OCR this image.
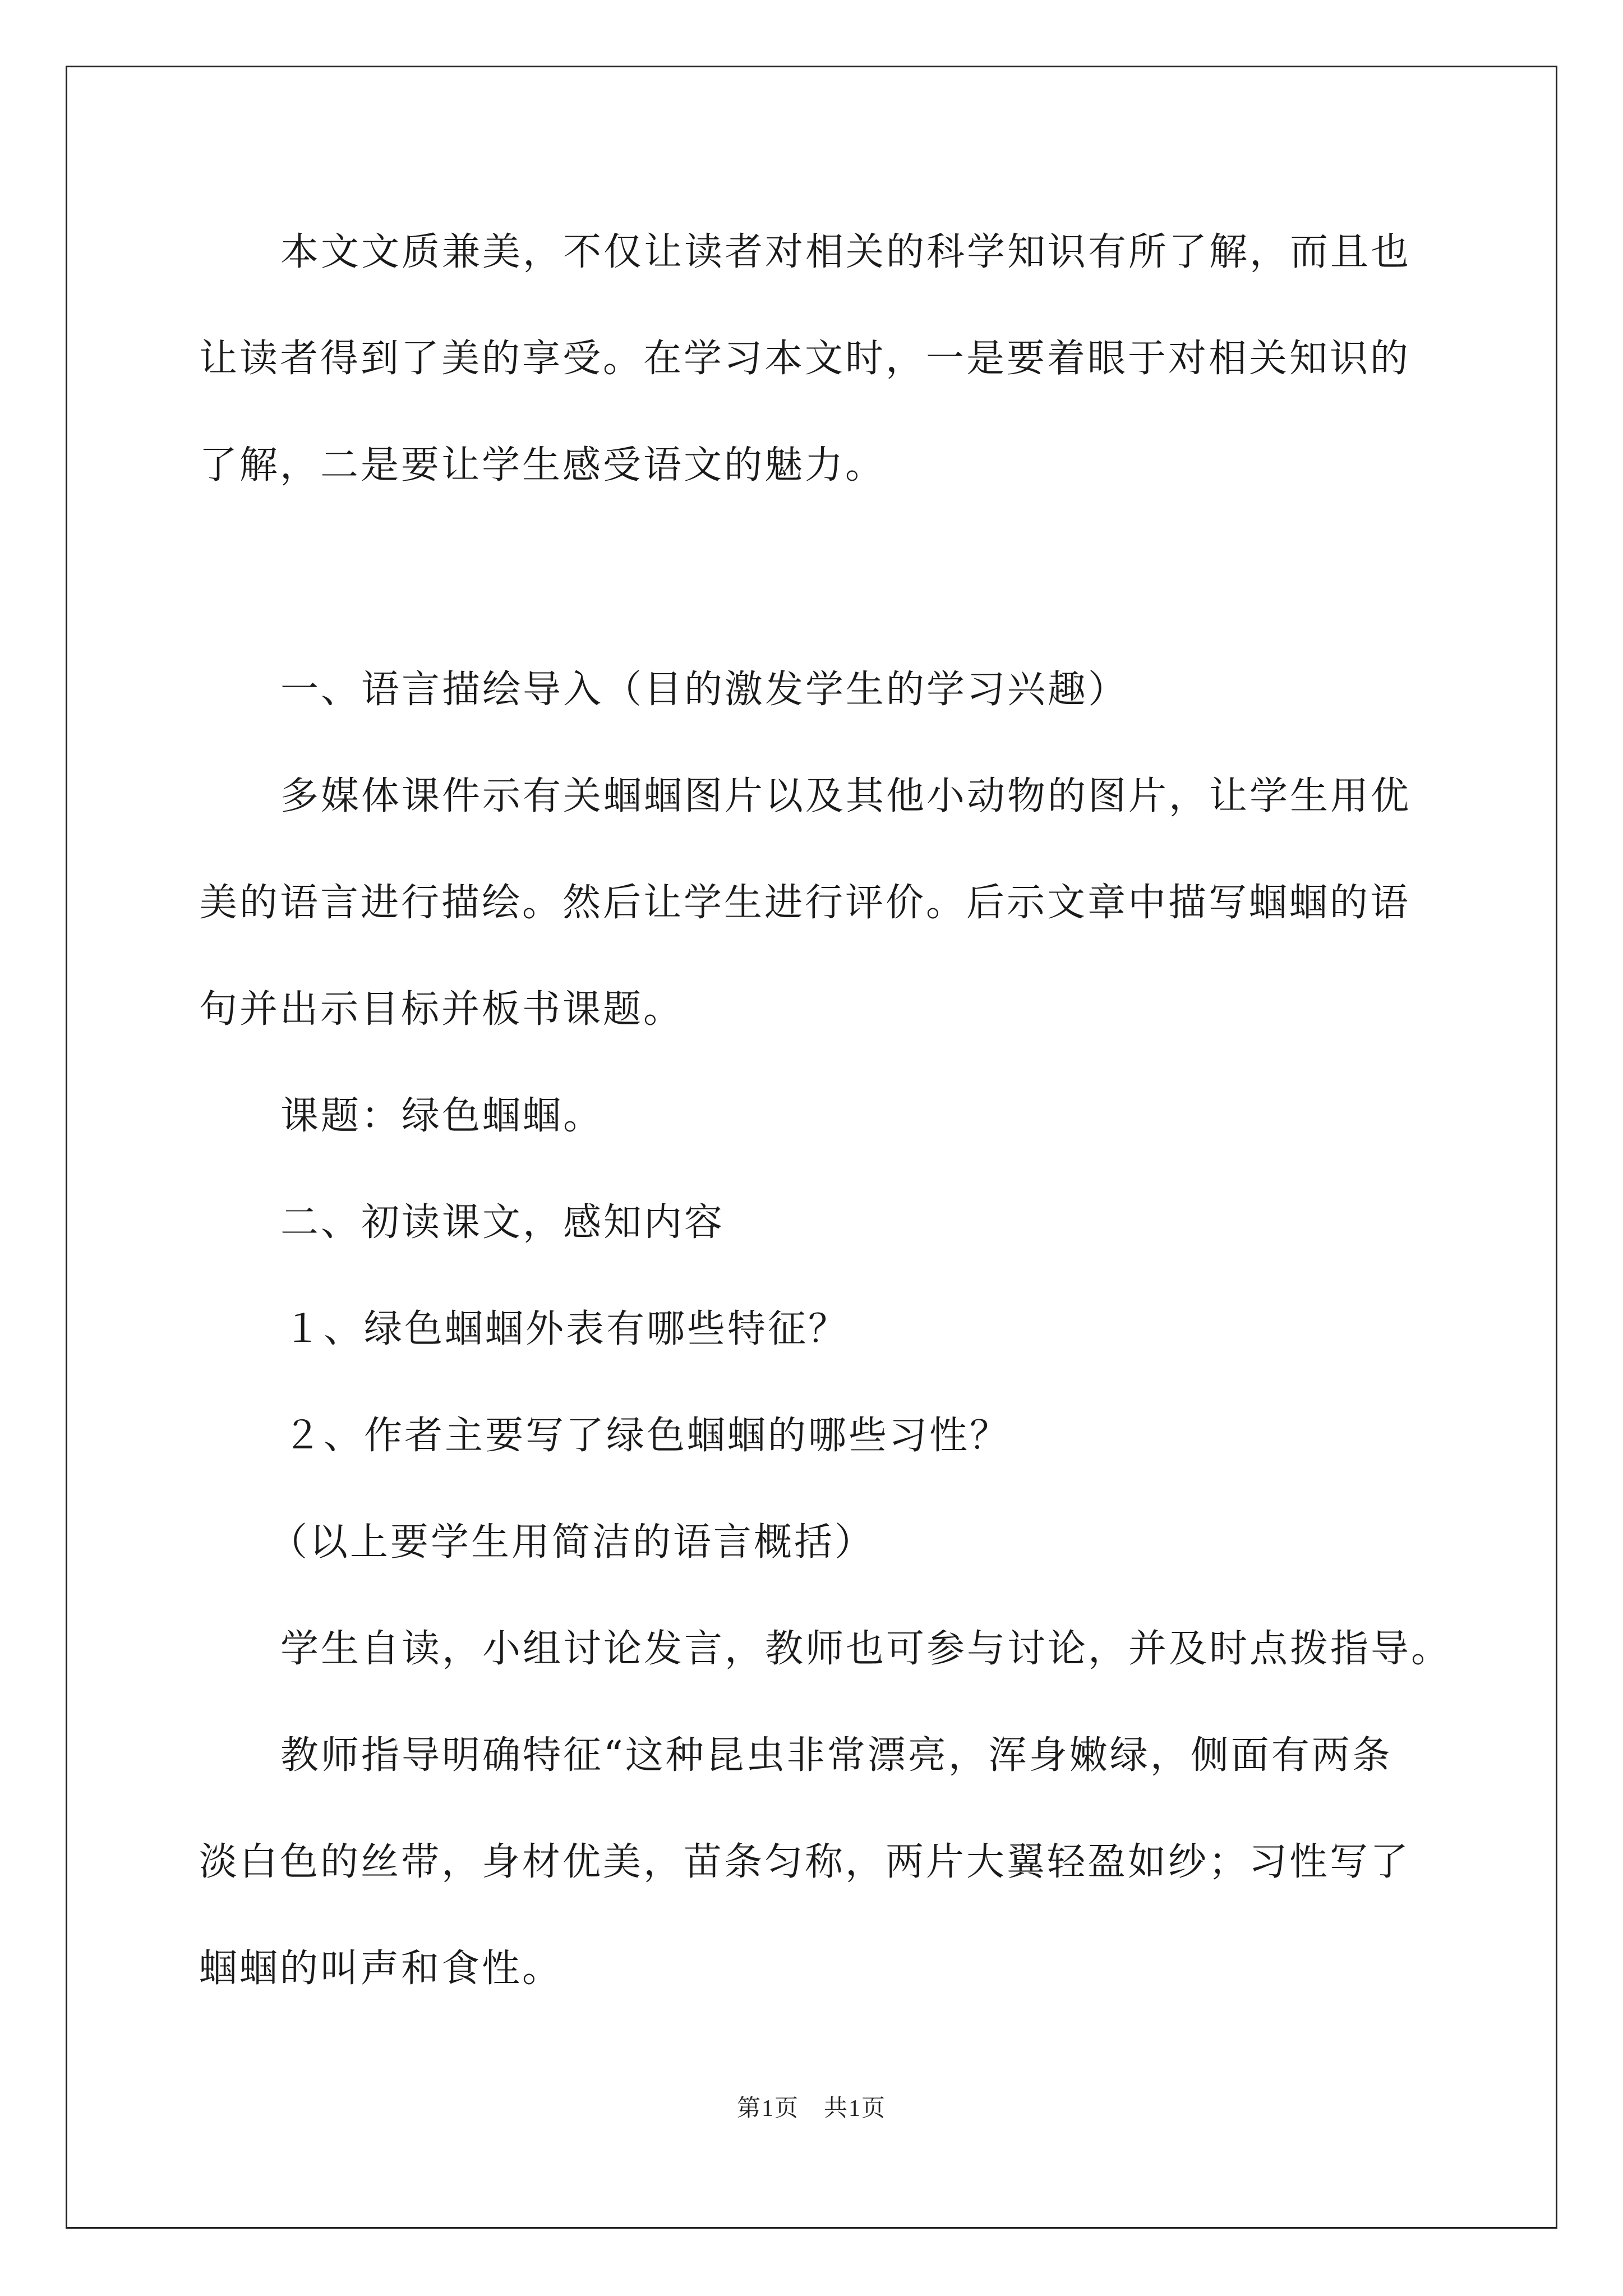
本文文质兼美，不仅让读者对相关的科学知识有所了解，而且也
让读者得到了美的享受。在学习本文时，一是要着眼于对相关知识的
了解，二是要让学生感受语文的魅力。
一、语言描绘导入（目的激发学生的学习兴趣）
多媒体课件示有关蝈蝈图片以及其他小动物的图片，让学生用优
美的语言进行描绘。然后让学生进行评价。后示文章中描写蝈蝈的语
句并出示目标并板书课题。
课题：绿色蝈蝈。
二、初读课文，感知内容
１、绿色蝈蝈外表有哪些特征？
２、作者主要写了绿色蝈蝈的哪些习性？
（以上要学生用简洁的语言概括）
学生自读，小组讨论发言，教师也可参与讨论，并及时点拨指导。
教师指导明确特征“这种昆虫非常漂亮，浑身嫩绿，侧面有两条
淡白色的丝带，身材优美，苗条匀称，两片大翼轻盈如纱；习性写了
蝈蝈的叫声和食性。
第1页　共1页
